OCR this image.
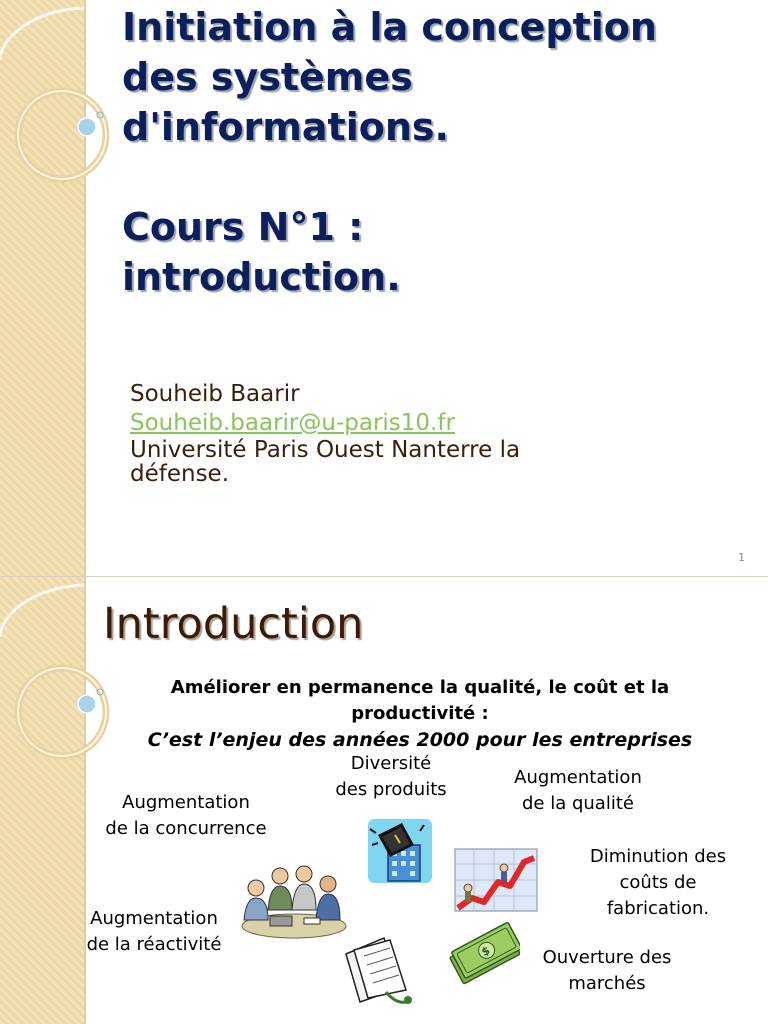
Initiation à la conception
des systèmes
d'informations.
Cours N°1 :
introduction.
Souheib Baarir
Souheib.baarir@u-paris10.fr
Université Paris Ouest Nanterre la
défense.
1
Introduction
Améliorer en permanence la qualité, le coût et la
productivité :
C’est l’enjeu des années 2000 pour les entreprises
Diversité
des produits
Augmentation
de la qualité
Augmentation
de la concurrence
Diminution des
coûts de
fabrication.
Augmentation
de la réactivité
Ouverture des
marchés
$
